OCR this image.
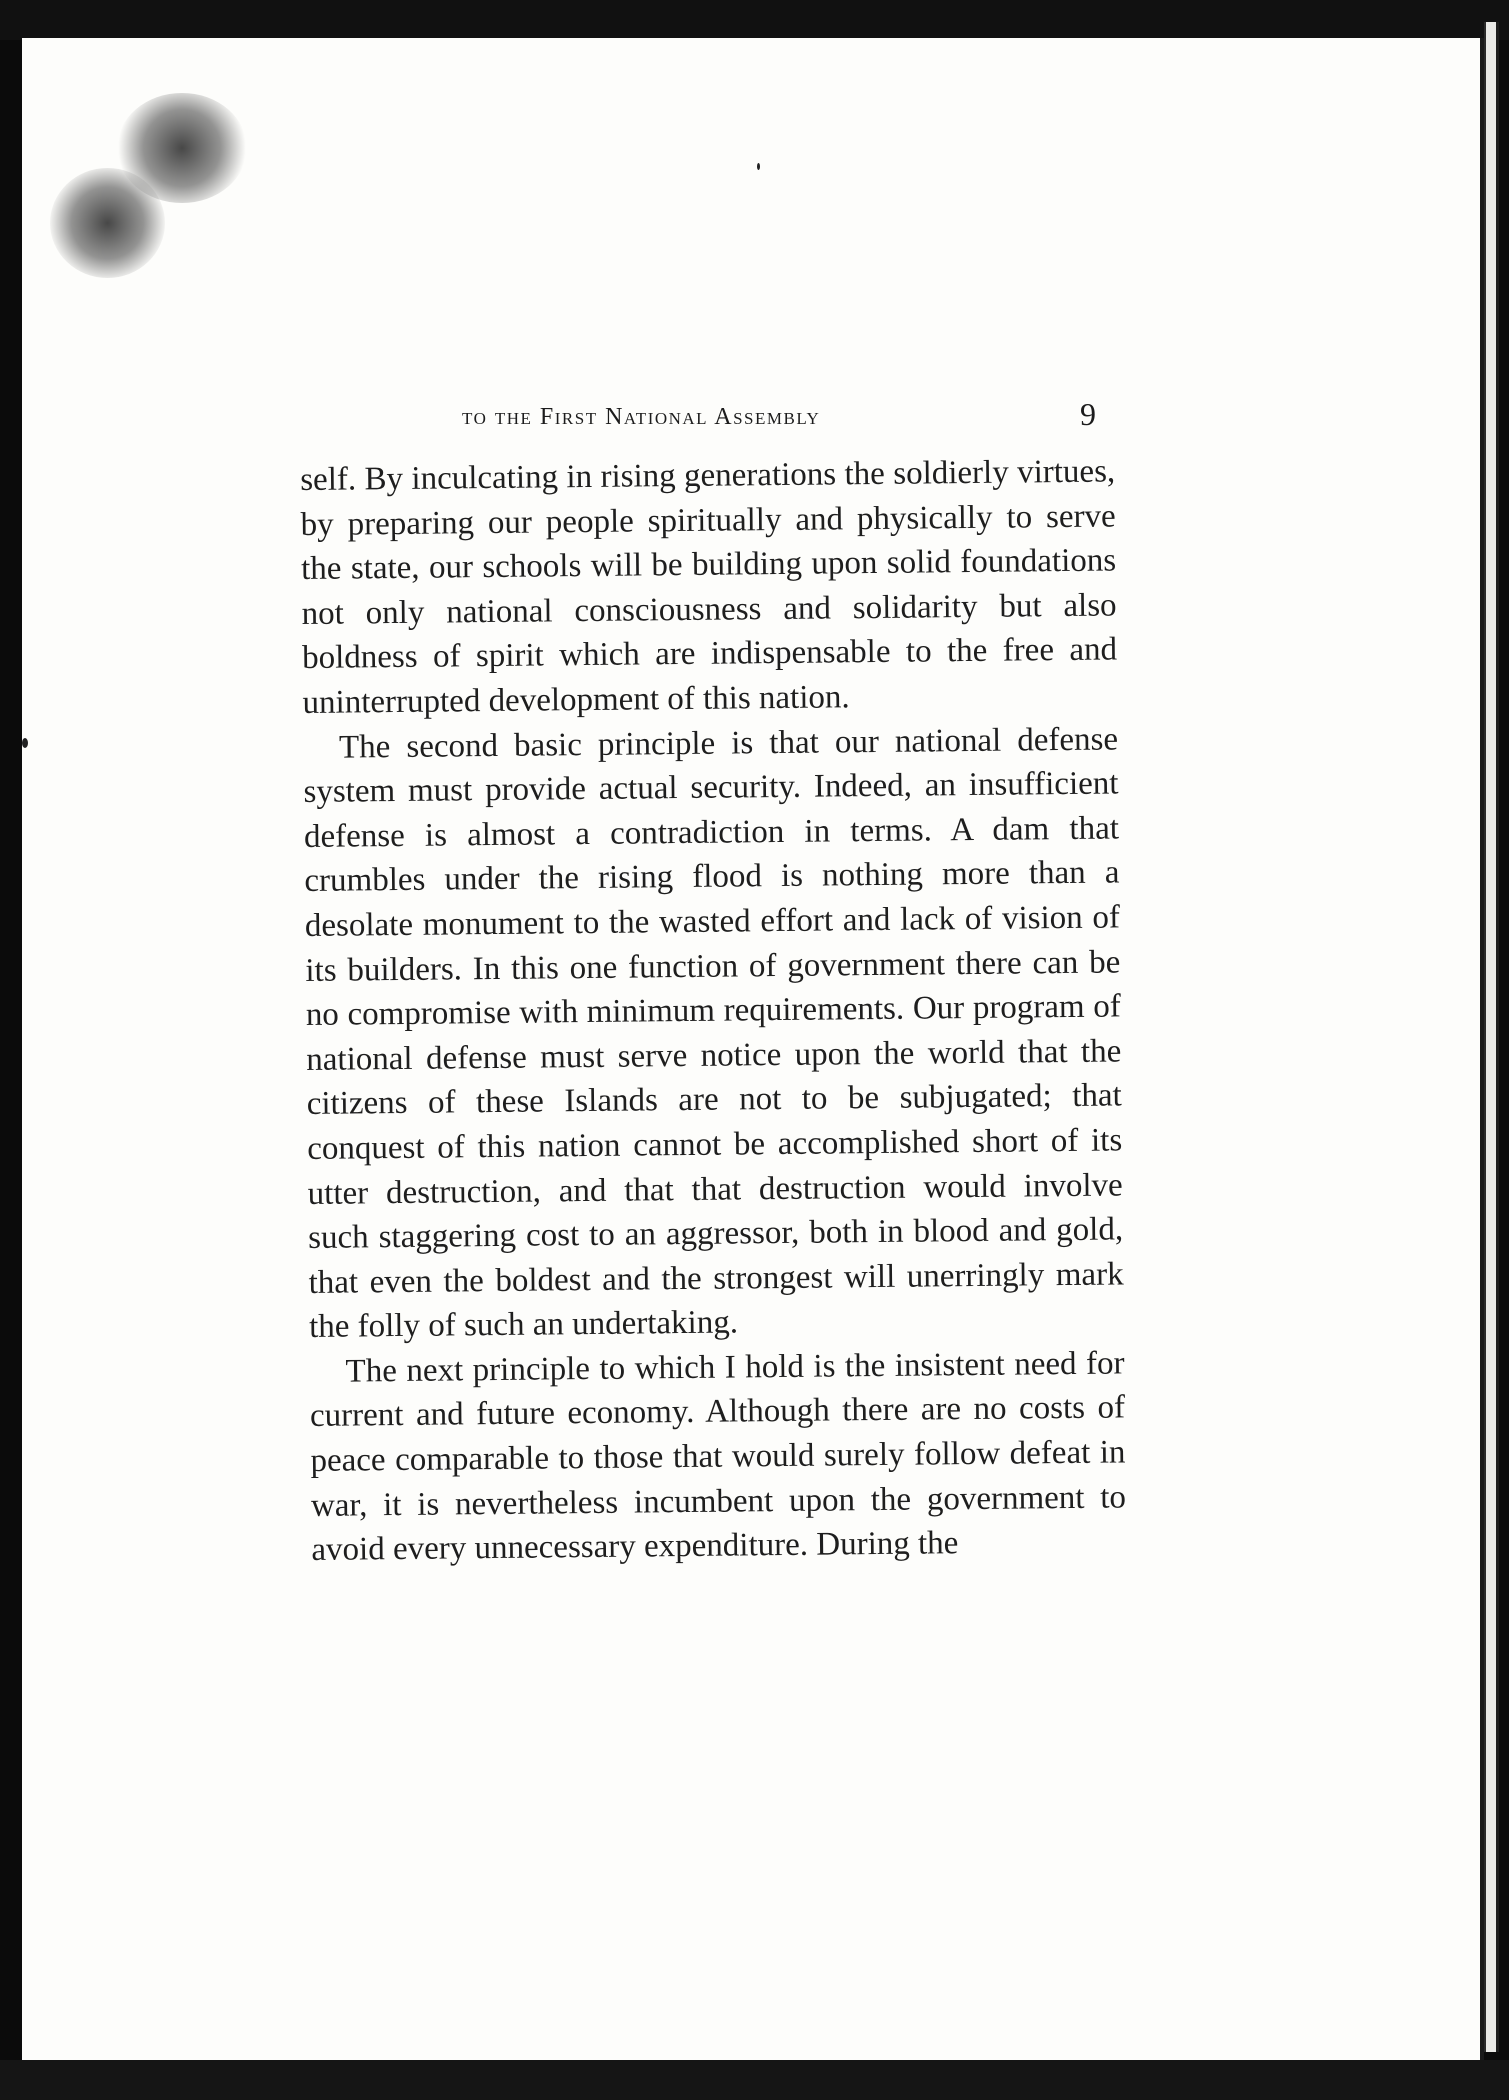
to the First National Assembly	9

self. By inculcating in rising generations the soldierly virtues, by preparing our people spiritually and physically to serve the state, our schools will be building upon solid foundations not only national consciousness and solidarity but also boldness of spirit which are indispensable to the free and uninterrupted development of this nation.

The second basic principle is that our national defense system must provide actual security. Indeed, an insufficient defense is almost a contradiction in terms. A dam that crumbles under the rising flood is nothing more than a desolate monument to the wasted effort and lack of vision of its builders. In this one function of government there can be no compromise with minimum requirements. Our program of national defense must serve notice upon the world that the citizens of these Islands are not to be subjugated; that conquest of this nation cannot be accomplished short of its utter destruction, and that that destruction would involve such staggering cost to an aggressor, both in blood and gold, that even the boldest and the strongest will unerringly mark the folly of such an undertaking.

The next principle to which I hold is the insistent need for current and future economy. Although there are no costs of peace comparable to those that would surely follow defeat in war, it is nevertheless incumbent upon the government to avoid every unnecessary expenditure. During the
